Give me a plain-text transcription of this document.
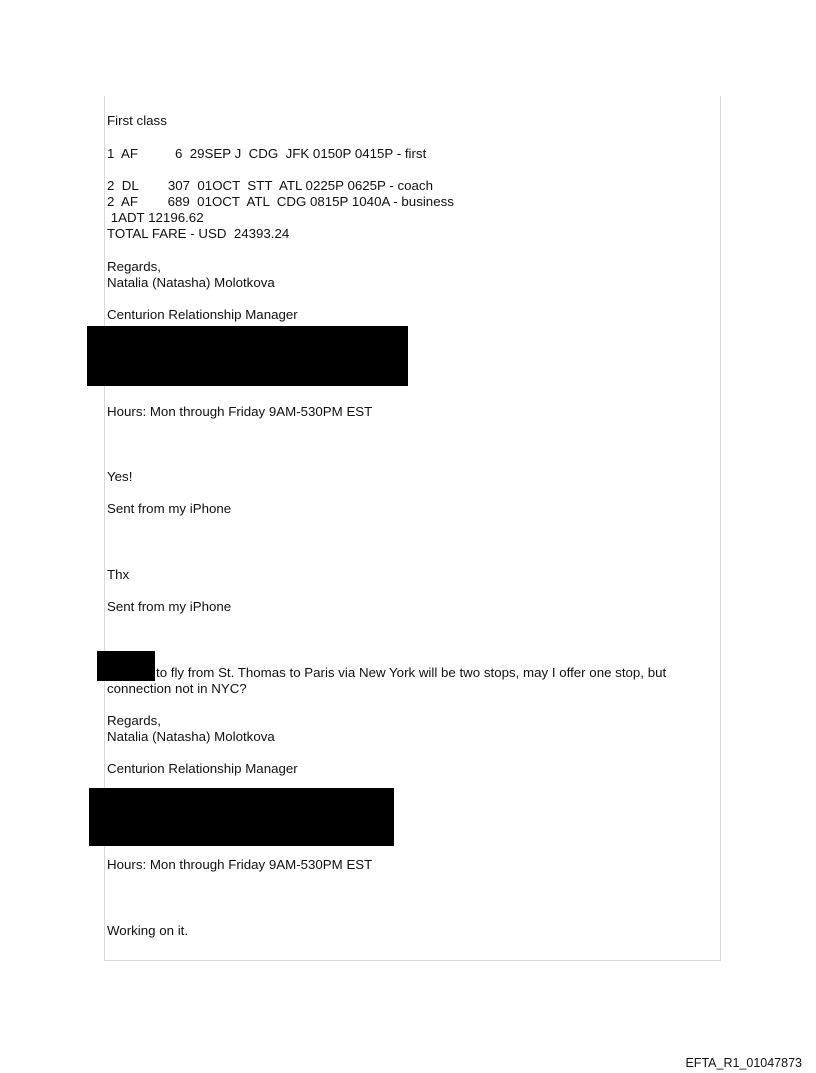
First class
1  AF          6  29SEP J  CDG  JFK 0150P 0415P - first
2  DL        307  01OCT  STT  ATL 0225P 0625P - coach
2  AF        689  01OCT  ATL  CDG 0815P 1040A - business
1ADT 12196.62
TOTAL FARE - USD  24393.24
Regards,
Natalia (Natasha) Molotkova
Centurion Relationship Manager
Hours: Mon through Friday 9AM-530PM EST
Yes!
Sent from my iPhone
Thx
Sent from my iPhone
to fly from St. Thomas to Paris via New York will be two stops, may I offer one stop, but
connection not in NYC?
Regards,
Natalia (Natasha) Molotkova
Centurion Relationship Manager
Hours: Mon through Friday 9AM-530PM EST
Working on it.
EFTA_R1_01047873
